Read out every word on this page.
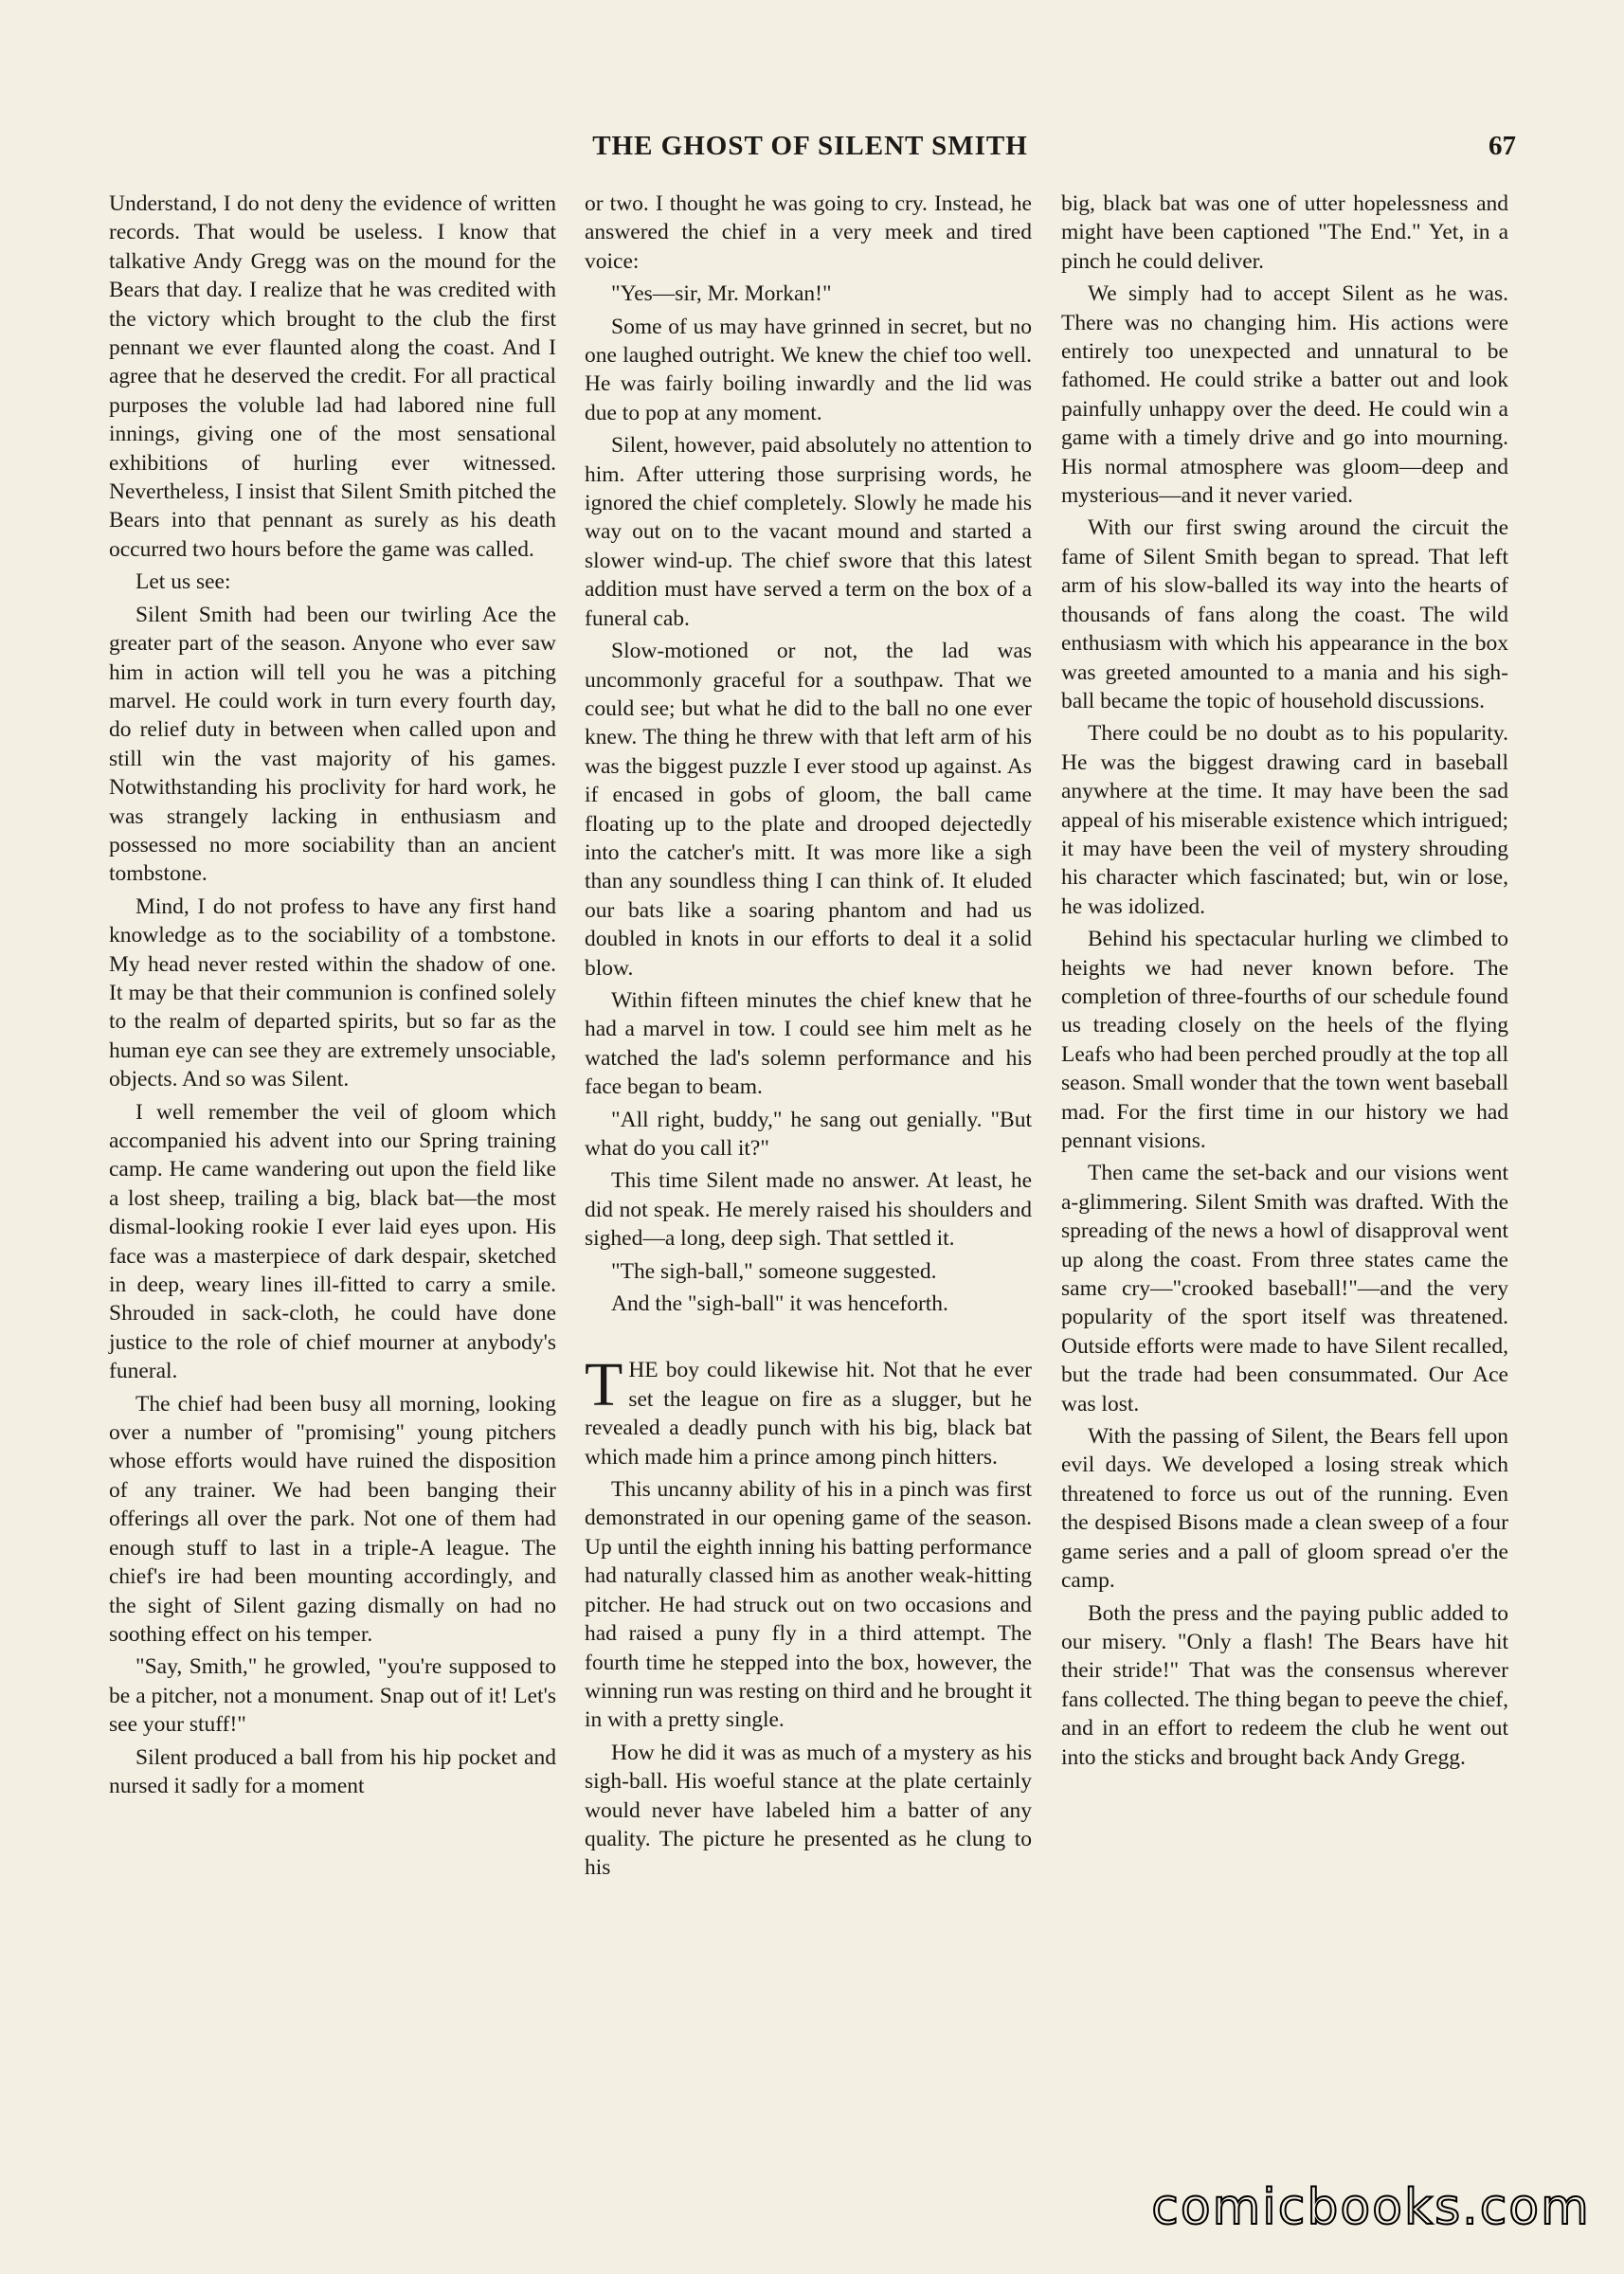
THE GHOST OF SILENT SMITH	67

Understand, I do not deny the evidence of written records. That would be useless. I know that talkative Andy Gregg was on the mound for the Bears that day. I realize that he was credited with the victory which brought to the club the first pennant we ever flaunted along the coast. And I agree that he deserved the credit. For all practical purposes the voluble lad had labored nine full innings, giving one of the most sensational exhibitions of hurling ever witnessed. Nevertheless, I insist that Silent Smith pitched the Bears into that pennant as surely as his death occurred two hours before the game was called.

Let us see:

Silent Smith had been our twirling Ace the greater part of the season. Anyone who ever saw him in action will tell you he was a pitching marvel. He could work in turn every fourth day, do relief duty in between when called upon and still win the vast majority of his games. Notwithstanding his proclivity for hard work, he was strangely lacking in enthusiasm and possessed no more sociability than an ancient tombstone.

Mind, I do not profess to have any first hand knowledge as to the sociability of a tombstone. My head never rested within the shadow of one. It may be that their communion is confined solely to the realm of departed spirits, but so far as the human eye can see they are extremely unsociable, objects. And so was Silent.

I well remember the veil of gloom which accompanied his advent into our Spring training camp. He came wandering out upon the field like a lost sheep, trailing a big, black bat—the most dismal-looking rookie I ever laid eyes upon. His face was a masterpiece of dark despair, sketched in deep, weary lines ill-fitted to carry a smile. Shrouded in sack-cloth, he could have done justice to the role of chief mourner at anybody's funeral.

The chief had been busy all morning, looking over a number of "promising" young pitchers whose efforts would have ruined the disposition of any trainer. We had been banging their offerings all over the park. Not one of them had enough stuff to last in a triple-A league. The chief's ire had been mounting accordingly, and the sight of Silent gazing dismally on had no soothing effect on his temper.

"Say, Smith," he growled, "you're supposed to be a pitcher, not a monument. Snap out of it! Let's see your stuff!"

Silent produced a ball from his hip pocket and nursed it sadly for a moment

or two. I thought he was going to cry. Instead, he answered the chief in a very meek and tired voice:

"Yes—sir, Mr. Morkan!"

Some of us may have grinned in secret, but no one laughed outright. We knew the chief too well. He was fairly boiling inwardly and the lid was due to pop at any moment.

Silent, however, paid absolutely no attention to him. After uttering those surprising words, he ignored the chief completely. Slowly he made his way out on to the vacant mound and started a slower wind-up. The chief swore that this latest addition must have served a term on the box of a funeral cab.

Slow-motioned or not, the lad was uncommonly graceful for a southpaw. That we could see; but what he did to the ball no one ever knew. The thing he threw with that left arm of his was the biggest puzzle I ever stood up against. As if encased in gobs of gloom, the ball came floating up to the plate and drooped dejectedly into the catcher's mitt. It was more like a sigh than any soundless thing I can think of. It eluded our bats like a soaring phantom and had us doubled in knots in our efforts to deal it a solid blow.

Within fifteen minutes the chief knew that he had a marvel in tow. I could see him melt as he watched the lad's solemn performance and his face began to beam.

"All right, buddy," he sang out genially. "But what do you call it?"

This time Silent made no answer. At least, he did not speak. He merely raised his shoulders and sighed—a long, deep sigh. That settled it.

"The sigh-ball," someone suggested.

And the "sigh-ball" it was henceforth.

THE boy could likewise hit. Not that he ever set the league on fire as a slugger, but he revealed a deadly punch with his big, black bat which made him a prince among pinch hitters.

This uncanny ability of his in a pinch was first demonstrated in our opening game of the season. Up until the eighth inning his batting performance had naturally classed him as another weak-hitting pitcher. He had struck out on two occasions and had raised a puny fly in a third attempt. The fourth time he stepped into the box, however, the winning run was resting on third and he brought it in with a pretty single.

How he did it was as much of a mystery as his sigh-ball. His woeful stance at the plate certainly would never have labeled him a batter of any quality. The picture he presented as he clung to his

big, black bat was one of utter hopelessness and might have been captioned "The End." Yet, in a pinch he could deliver.

We simply had to accept Silent as he was. There was no changing him. His actions were entirely too unexpected and unnatural to be fathomed. He could strike a batter out and look painfully unhappy over the deed. He could win a game with a timely drive and go into mourning. His normal atmosphere was gloom—deep and mysterious—and it never varied.

With our first swing around the circuit the fame of Silent Smith began to spread. That left arm of his slow-balled its way into the hearts of thousands of fans along the coast. The wild enthusiasm with which his appearance in the box was greeted amounted to a mania and his sigh-ball became the topic of household discussions.

There could be no doubt as to his popularity. He was the biggest drawing card in baseball anywhere at the time. It may have been the sad appeal of his miserable existence which intrigued; it may have been the veil of mystery shrouding his character which fascinated; but, win or lose, he was idolized.

Behind his spectacular hurling we climbed to heights we had never known before. The completion of three-fourths of our schedule found us treading closely on the heels of the flying Leafs who had been perched proudly at the top all season. Small wonder that the town went baseball mad. For the first time in our history we had pennant visions.

Then came the set-back and our visions went a-glimmering. Silent Smith was drafted. With the spreading of the news a howl of disapproval went up along the coast. From three states came the same cry—"crooked baseball!"—and the very popularity of the sport itself was threatened. Outside efforts were made to have Silent recalled, but the trade had been consummated. Our Ace was lost.

With the passing of Silent, the Bears fell upon evil days. We developed a losing streak which threatened to force us out of the running. Even the despised Bisons made a clean sweep of a four game series and a pall of gloom spread o'er the camp.

Both the press and the paying public added to our misery. "Only a flash! The Bears have hit their stride!" That was the consensus wherever fans collected. The thing began to peeve the chief, and in an effort to redeem the club he went out into the sticks and brought back Andy Gregg.

comicbooks.com
